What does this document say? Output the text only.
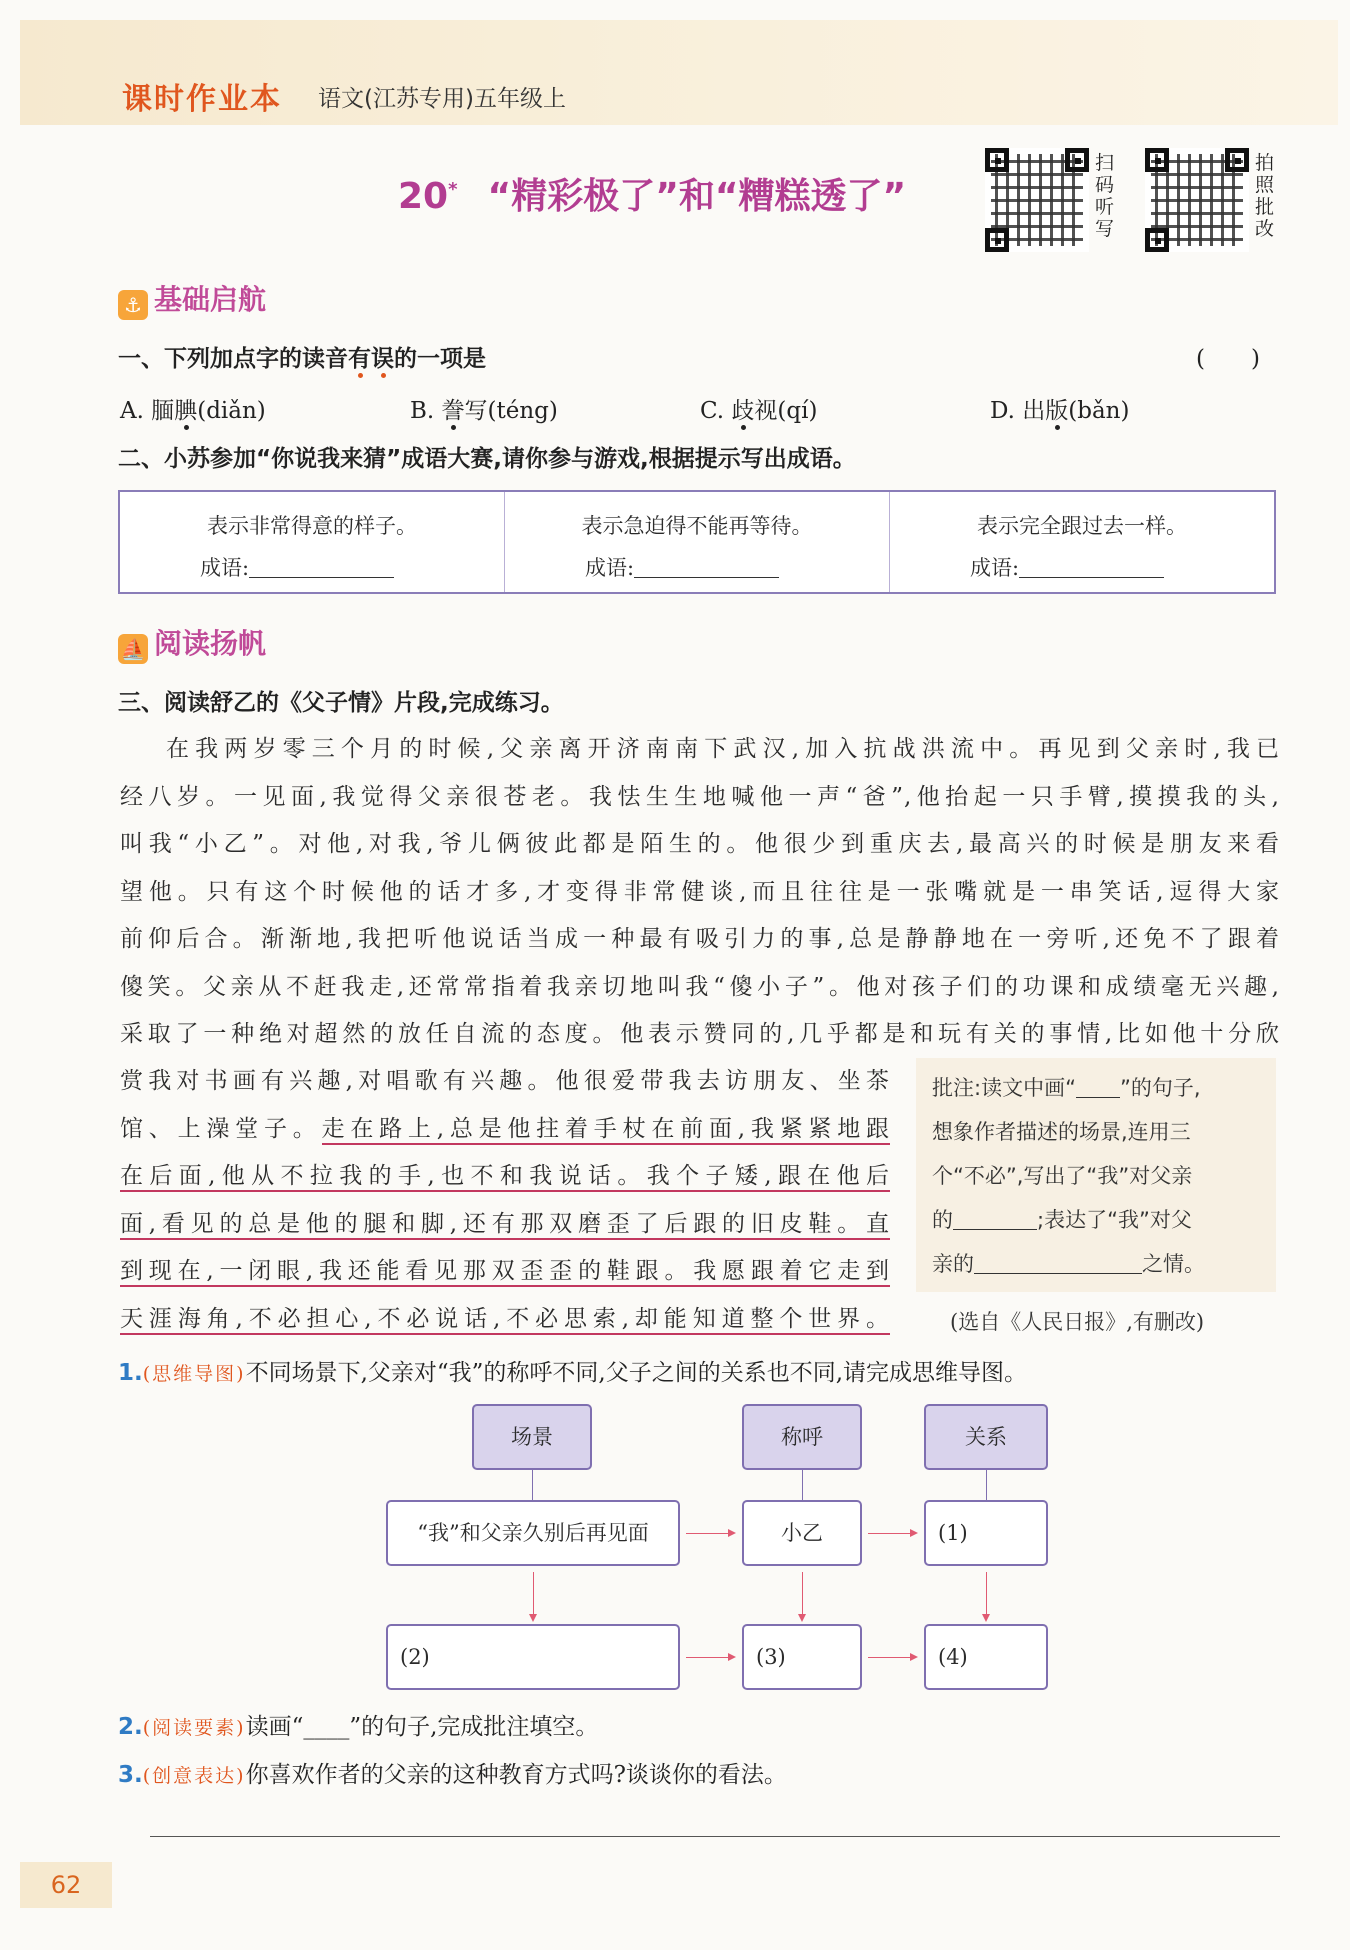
课时作业本 语文(江苏专用)五年级上
20* “精彩极了”和“糟糕透了”
扫码听写
拍照批改
⚓ 基础启航
一、下列加点字的读音有误的一项是	(　　)
A. 腼腆(diǎn)	B. 誊写(téng)	C. 歧视(qí)	D. 出版(bǎn)
二、小苏参加“你说我来猜”成语大赛,请你参与游戏,根据提示写出成语。
表示非常得意的样子。
成语:
表示急迫得不能再等待。
成语:
表示完全跟过去一样。
成语:
⛵ 阅读扬帆
三、阅读舒乙的《父子情》片段,完成练习。
在我两岁零三个月的时候,父亲离开济南南下武汉,加入抗战洪流中。再见到父亲时,我已
经八岁。一见面,我觉得父亲很苍老。我怯生生地喊他一声“爸”,他抬起一只手臂,摸摸我的头,
叫我“小乙”。对他,对我,爷儿俩彼此都是陌生的。他很少到重庆去,最高兴的时候是朋友来看
望他。只有这个时候他的话才多,才变得非常健谈,而且往往是一张嘴就是一串笑话,逗得大家
前仰后合。渐渐地,我把听他说话当成一种最有吸引力的事,总是静静地在一旁听,还免不了跟着
傻笑。父亲从不赶我走,还常常指着我亲切地叫我“傻小子”。他对孩子们的功课和成绩毫无兴趣,
采取了一种绝对超然的放任自流的态度。他表示赞同的,几乎都是和玩有关的事情,比如他十分欣
赏我对书画有兴趣,对唱歌有兴趣。他很爱带我去访朋友、坐茶
馆、上澡堂子。走在路上,总是他拄着手杖在前面,我紧紧地跟
在后面,他从不拉我的手,也不和我说话。我个子矮,跟在他后
面,看见的总是他的腿和脚,还有那双磨歪了后跟的旧皮鞋。直
到现在,一闭眼,我还能看见那双歪歪的鞋跟。我愿跟着它走到
天涯海角,不必担心,不必说话,不必思索,却能知道整个世界。
批注:读文中画“ ”的句子,
想象作者描述的场景,连用三
个“不必”,写出了“我”对父亲
的	;表达了“我”对父
亲的	之情。
(选自《人民日报》,有删改)
1.(思维导图)不同场景下,父亲对“我”的称呼不同,父子之间的关系也不同,请完成思维导图。
场景	称呼	关系
“我”和父亲久别后再见面	小乙	(1)
(2)	(3)	(4)
2.(阅读要素)读画“____”的句子,完成批注填空。
3.(创意表达)你喜欢作者的父亲的这种教育方式吗?谈谈你的看法。
62
